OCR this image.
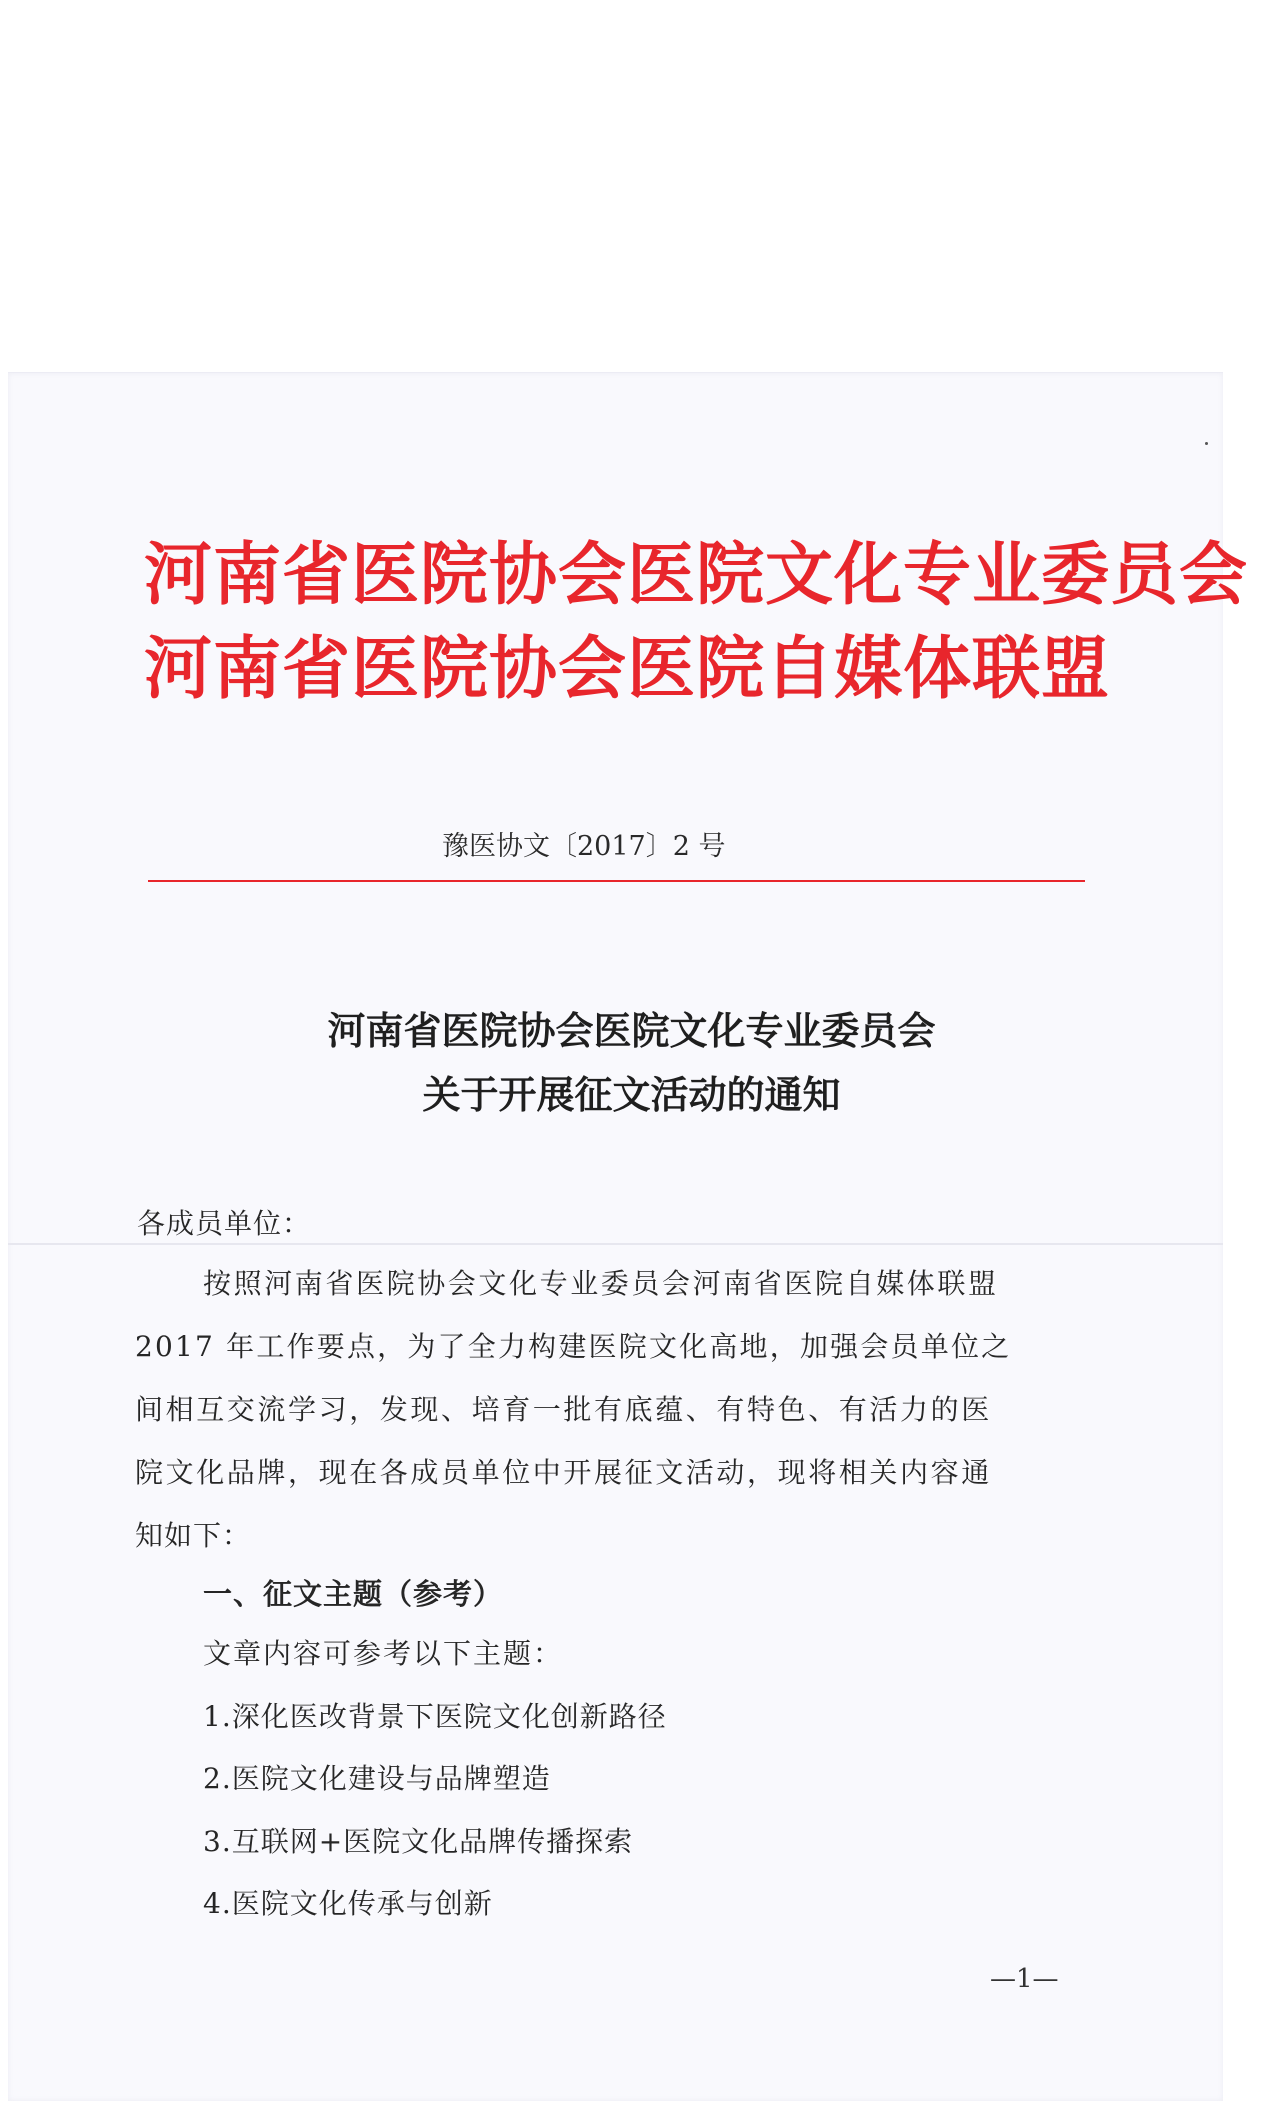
河南省医院协会医院文化专业委员会
河南省医院协会医院自媒体联盟
豫医协文〔2017〕2 号
河南省医院协会医院文化专业委员会
关于开展征文活动的通知
各成员单位：
按照河南省医院协会文化专业委员会河南省医院自媒体联盟
2017 年工作要点，为了全力构建医院文化高地，加强会员单位之
间相互交流学习，发现、培育一批有底蕴、有特色、有活力的医
院文化品牌，现在各成员单位中开展征文活动，现将相关内容通
知如下：
一、征文主题（参考）
文章内容可参考以下主题：
1.深化医改背景下医院文化创新路径
2.医院文化建设与品牌塑造
3.互联网+医院文化品牌传播探索
4.医院文化传承与创新
—1—
